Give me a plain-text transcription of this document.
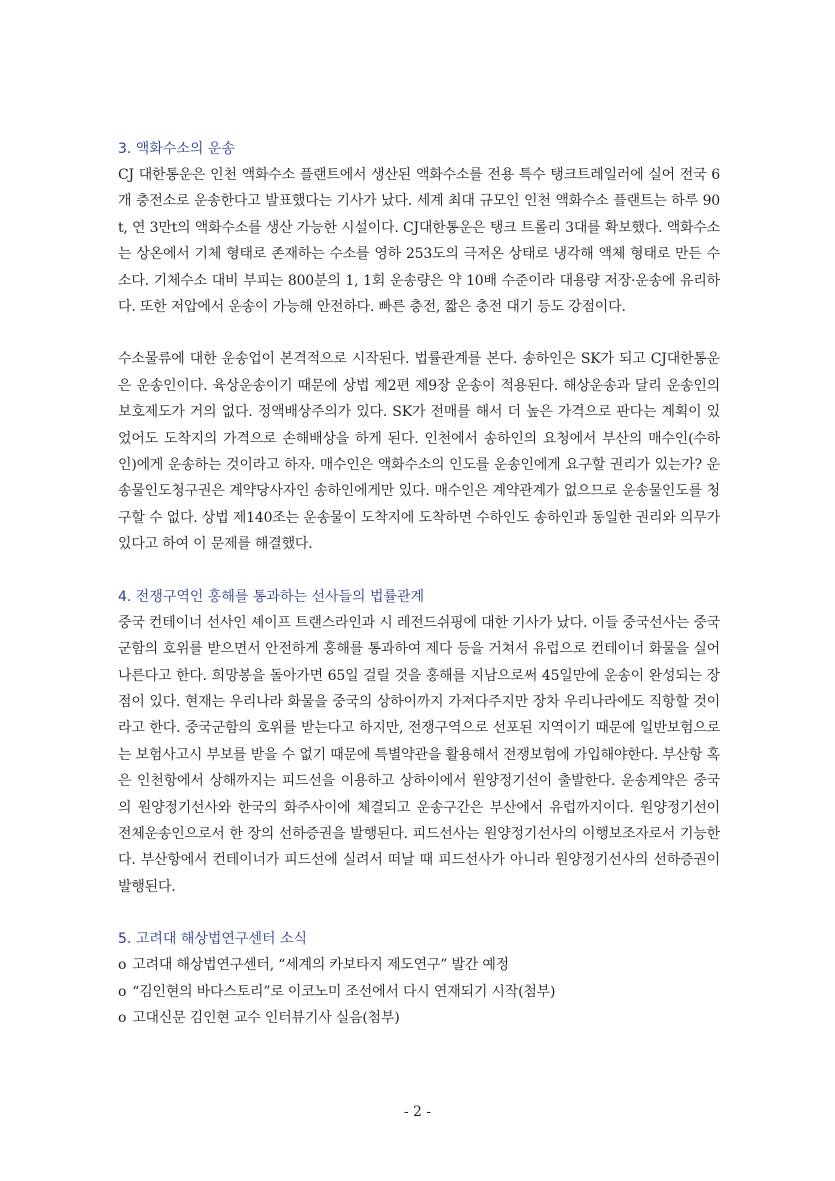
3. 액화수소의 운송

CJ 대한통운은 인천 액화수소 플랜트에서 생산된 액화수소를 전용 특수 탱크트레일러에 실어 전국 6개 충전소로 운송한다고 발표했다는 기사가 났다. 세계 최대 규모인 인천 액화수소 플랜트는 하루 90t, 연 3만t의 액화수소를 생산 가능한 시설이다. CJ대한통운은 탱크 트롤리 3대를 확보했다. 액화수소는 상온에서 기체 형태로 존재하는 수소를 영하 253도의 극저온 상태로 냉각해 액체 형태로 만든 수소다. 기체수소 대비 부피는 800분의 1, 1회 운송량은 약 10배 수준이라 대용량 저장·운송에 유리하다. 또한 저압에서 운송이 가능해 안전하다. 빠른 충전, 짧은 충전 대기 등도 강점이다.

수소물류에 대한 운송업이 본격적으로 시작된다. 법률관계를 본다. 송하인은 SK가 되고 CJ대한통운은 운송인이다. 육상운송이기 때문에 상법 제2편 제9장 운송이 적용된다. 해상운송과 달리 운송인의 보호제도가 거의 없다. 정액배상주의가 있다. SK가 전매를 해서 더 높은 가격으로 판다는 계획이 있었어도 도착지의 가격으로 손해배상을 하게 된다. 인천에서 송하인의 요청에서 부산의 매수인(수하인)에게 운송하는 것이라고 하자. 매수인은 액화수소의 인도를 운송인에게 요구할 권리가 있는가? 운송물인도청구권은 계약당사자인 송하인에게만 있다. 매수인은 계약관계가 없으므로 운송물인도를 청구할 수 없다. 상법 제140조는 운송물이 도착지에 도착하면 수하인도 송하인과 동일한 권리와 의무가 있다고 하여 이 문제를 해결했다.

4. 전쟁구역인 홍해를 통과하는 선사들의 법률관계

중국 컨테이너 선사인 셰이프 트랜스라인과 시 레전드쉬핑에 대한 기사가 났다. 이들 중국선사는 중국군함의 호위를 받으면서 안전하게 홍해를 통과하여 제다 등을 거쳐서 유럽으로 컨테이너 화물을 실어나른다고 한다. 희망봉을 돌아가면 65일 걸릴 것을 홍해를 지남으로써 45일만에 운송이 완성되는 장점이 있다. 현재는 우리나라 화물을 중국의 상하이까지 가져다주지만 장차 우리나라에도 직항할 것이라고 한다. 중국군함의 호위를 받는다고 하지만, 전쟁구역으로 선포된 지역이기 때문에 일반보험으로는 보험사고시 부보를 받을 수 없기 때문에 특별약관을 활용해서 전쟁보험에 가입해야한다. 부산항 혹은 인천항에서 상해까지는 피드선을 이용하고 상하이에서 원양정기선이 출발한다. 운송계약은 중국의 원양정기선사와 한국의 화주사이에 체결되고 운송구간은 부산에서 유럽까지이다. 원양정기선이 전체운송인으로서 한 장의 선하증권을 발행된다. 피드선사는 원양정기선사의 이행보조자로서 기능한다. 부산항에서 컨테이너가 피드선에 실려서 떠날 때 피드선사가 아니라 원양정기선사의 선하증권이 발행된다.

5. 고려대 해상법연구센터 소식
o 고려대 해상법연구센터, “세계의 카보타지 제도연구” 발간 예정
o “김인현의 바다스토리”로 이코노미 조선에서 다시 연재되기 시작(첨부)
o 고대신문 김인현 교수 인터뷰기사 실음(첨부)
- 2 -
